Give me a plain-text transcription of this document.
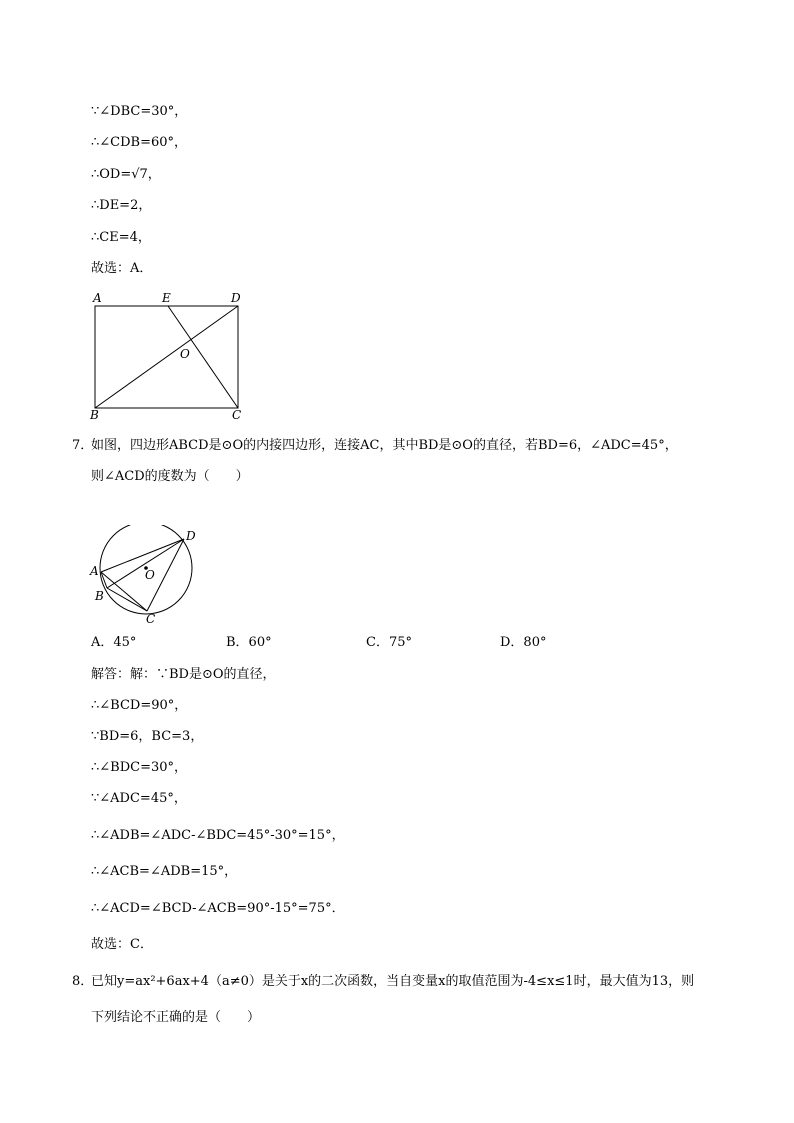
∵∠DBC=30°，
∴∠CDB=60°，
∴OD=√7，
∴DE=2，
∴CE=4，
故选：A．
A	E	D
O
B	C
7．
如图，四边形ABCD是⊙O的内接四边形，连接AC，其中BD是⊙O的直径，若BD=6，∠ADC=45°，
则∠ACD的度数为（　　）
D
A	O
B
C
A．45°	B．60°	C．75°	D．80°
解答：解：∵BD是⊙O的直径，
∴∠BCD=90°，
∵BD=6，BC=3，
∴∠BDC=30°，
∵∠ADC=45°，
∴∠ADB=∠ADC-∠BDC=45°-30°=15°，
∴∠ACB=∠ADB=15°，
∴∠ACD=∠BCD-∠ACB=90°-15°=75°．
故选：C．
8．
已知y=ax²+6ax+4（a≠0）是关于x的二次函数，当自变量x的取值范围为-4≤x≤1时，最大值为13，则
下列结论不正确的是（　　）
